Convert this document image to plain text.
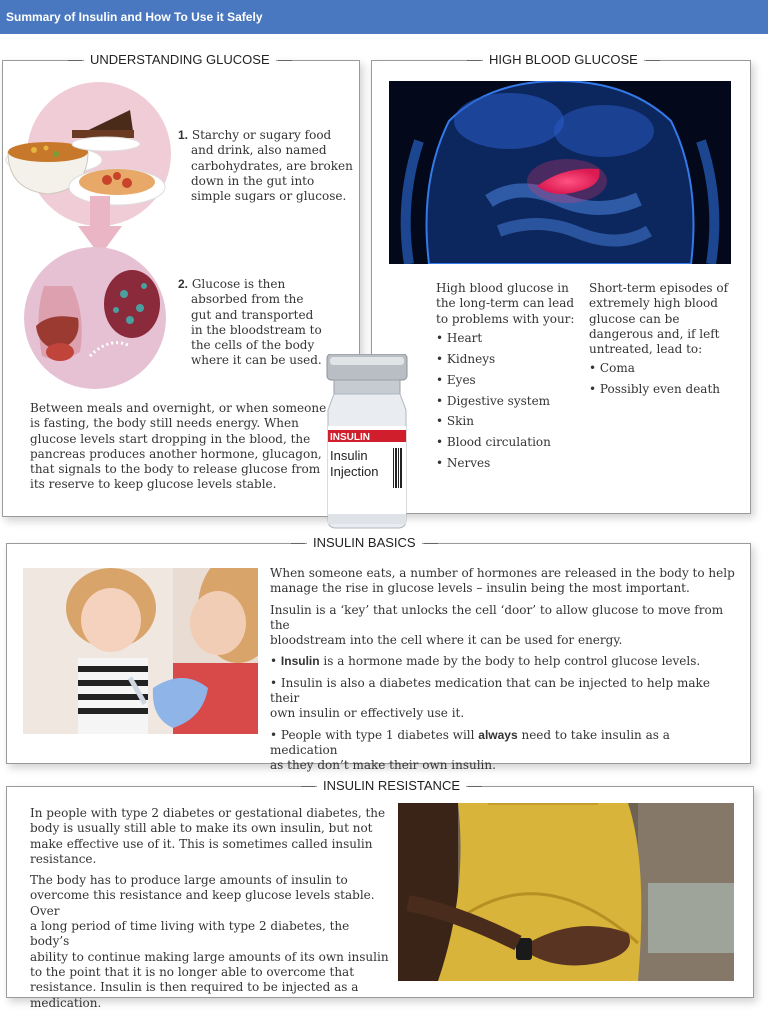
Summary of Insulin and How To Use it Safely
UNDERSTANDING GLUCOSE
1. Starchy or sugary food
and drink, also named
carbohydrates, are broken
down in the gut into
simple sugars or glucose.
2. Glucose is then
absorbed from the
gut and transported
in the bloodstream to
the cells of the body
where it can be used.
Between meals and overnight, or when someone
is fasting, the body still needs energy. When
glucose levels start dropping in the blood, the
pancreas produces another hormone, glucagon,
that signals to the body to release glucose from
its reserve to keep glucose levels stable.
HIGH BLOOD GLUCOSE
High blood glucose in
the long-term can lead
to problems with your:
• Heart
• Kidneys
• Eyes
• Digestive system
• Skin
• Blood circulation
• Nerves
Short-term episodes of
extremely high blood
glucose can be
dangerous and, if left
untreated, lead to:
• Coma
• Possibly even death
INSULIN BASICS

When someone eats, a number of hormones are released in the body to help
manage the rise in glucose levels – insulin being the most important.

Insulin is a ‘key’ that unlocks the cell ‘door’ to allow glucose to move from the
bloodstream into the cell where it can be used for energy.

• Insulin is a hormone made by the body to help control glucose levels.

• Insulin is also a diabetes medication that can be injected to help make their
own insulin or effectively use it.

• People with type 1 diabetes will always need to take insulin as a medication
as they don’t make their own insulin.

INSULIN RESISTANCE

In people with type 2 diabetes or gestational diabetes, the
body is usually still able to make its own insulin, but not
make effective use of it. This is sometimes called insulin
resistance.

The body has to produce large amounts of insulin to
overcome this resistance and keep glucose levels stable. Over
a long period of time living with type 2 diabetes, the body’s
ability to continue making large amounts of its own insulin
to the point that it is no longer able to overcome that
resistance. Insulin is then required to be injected as a
medication.

INSULIN
Insulin
Injection
